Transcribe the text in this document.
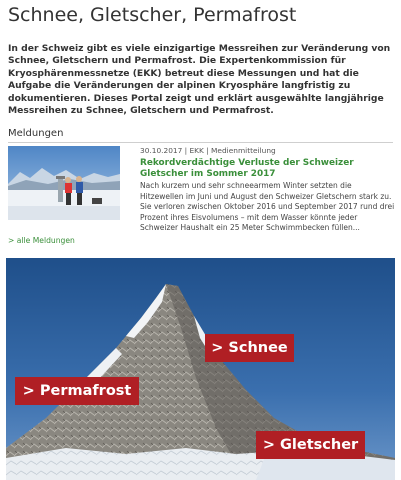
Schnee, Gletscher, Permafrost

In der Schweiz gibt es viele einzigartige Messreihen zur Veränderung von Schnee, Gletschern und Permafrost. Die Expertenkommission für Kryosphärenmessnetze (EKK) betreut diese Messungen und hat die Aufgabe die Veränderungen der alpinen Kryosphäre langfristig zu dokumentieren. Dieses Portal zeigt und erklärt ausgewählte langjährige Messreihen zu Schnee, Gletschern und Permafrost.

Meldungen
30.10.2017 | EKK | Medienmitteilung
Rekordverdächtige Verluste der Schweizer Gletscher im Sommer 2017
Nach kurzem und sehr schneearmem Winter setzten die Hitzewellen im Juni und August den Schweizer Gletschern stark zu. Sie verloren zwischen Oktober 2016 und September 2017 rund drei Prozent ihres Eisvolumens – mit dem Wasser könnte jeder Schweizer Haushalt ein 25 Meter Schwimmbecken füllen...
> alle Meldungen
> Schnee
> Permafrost
> Gletscher
